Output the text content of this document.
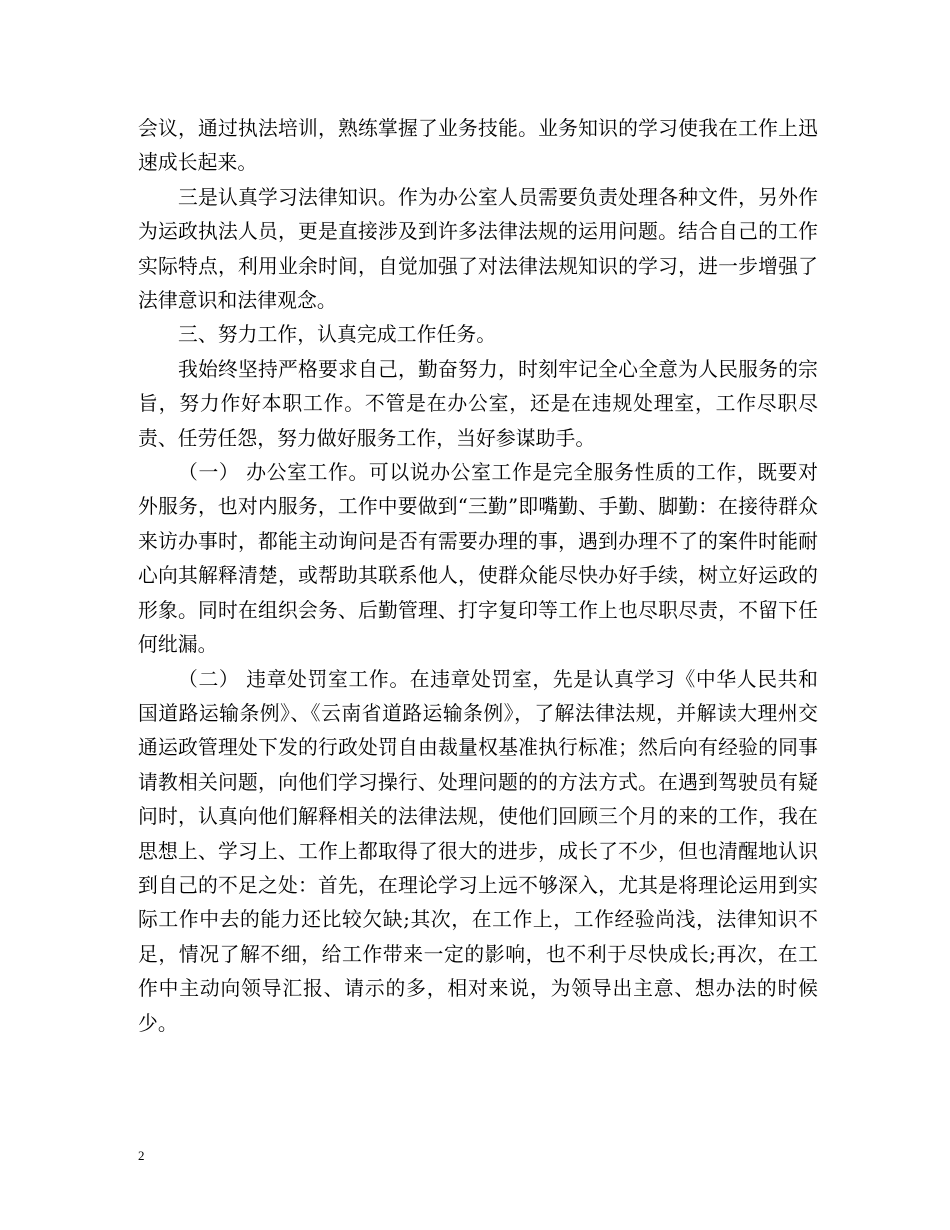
会议，通过执法培训，熟练掌握了业务技能。业务知识的学习使我在工作上迅速成长起来。

三是认真学习法律知识。作为办公室人员需要负责处理各种文件，另外作为运政执法人员，更是直接涉及到许多法律法规的运用问题。结合自己的工作实际特点，利用业余时间，自觉加强了对法律法规知识的学习，进一步增强了法律意识和法律观念。

三、努力工作，认真完成工作任务。

我始终坚持严格要求自己，勤奋努力，时刻牢记全心全意为人民服务的宗旨，努力作好本职工作。不管是在办公室，还是在违规处理室，工作尽职尽责、任劳任怨，努力做好服务工作，当好参谋助手。

（一） 办公室工作。可以说办公室工作是完全服务性质的工作，既要对外服务，也对内服务，工作中要做到“三勤”即嘴勤、手勤、脚勤：在接待群众来访办事时，都能主动询问是否有需要办理的事，遇到办理不了的案件时能耐心向其解释清楚，或帮助其联系他人，使群众能尽快办好手续，树立好运政的形象。同时在组织会务、后勤管理、打字复印等工作上也尽职尽责，不留下任何纰漏。

（二） 违章处罚室工作。在违章处罚室，先是认真学习《中华人民共和国道路运输条例》、《云南省道路运输条例》，了解法律法规，并解读大理州交通运政管理处下发的行政处罚自由裁量权基准执行标准；然后向有经验的同事请教相关问题，向他们学习操行、处理问题的的方法方式。在遇到驾驶员有疑问时，认真向他们解释相关的法律法规，使他们回顾三个月的来的工作，我在思想上、学习上、工作上都取得了很大的进步，成长了不少，但也清醒地认识到自己的不足之处：首先，在理论学习上远不够深入，尤其是将理论运用到实际工作中去的能力还比较欠缺;其次，在工作上，工作经验尚浅，法律知识不足，情况了解不细，给工作带来一定的影响，也不利于尽快成长;再次，在工作中主动向领导汇报、请示的多，相对来说，为领导出主意、想办法的时候少。

2
